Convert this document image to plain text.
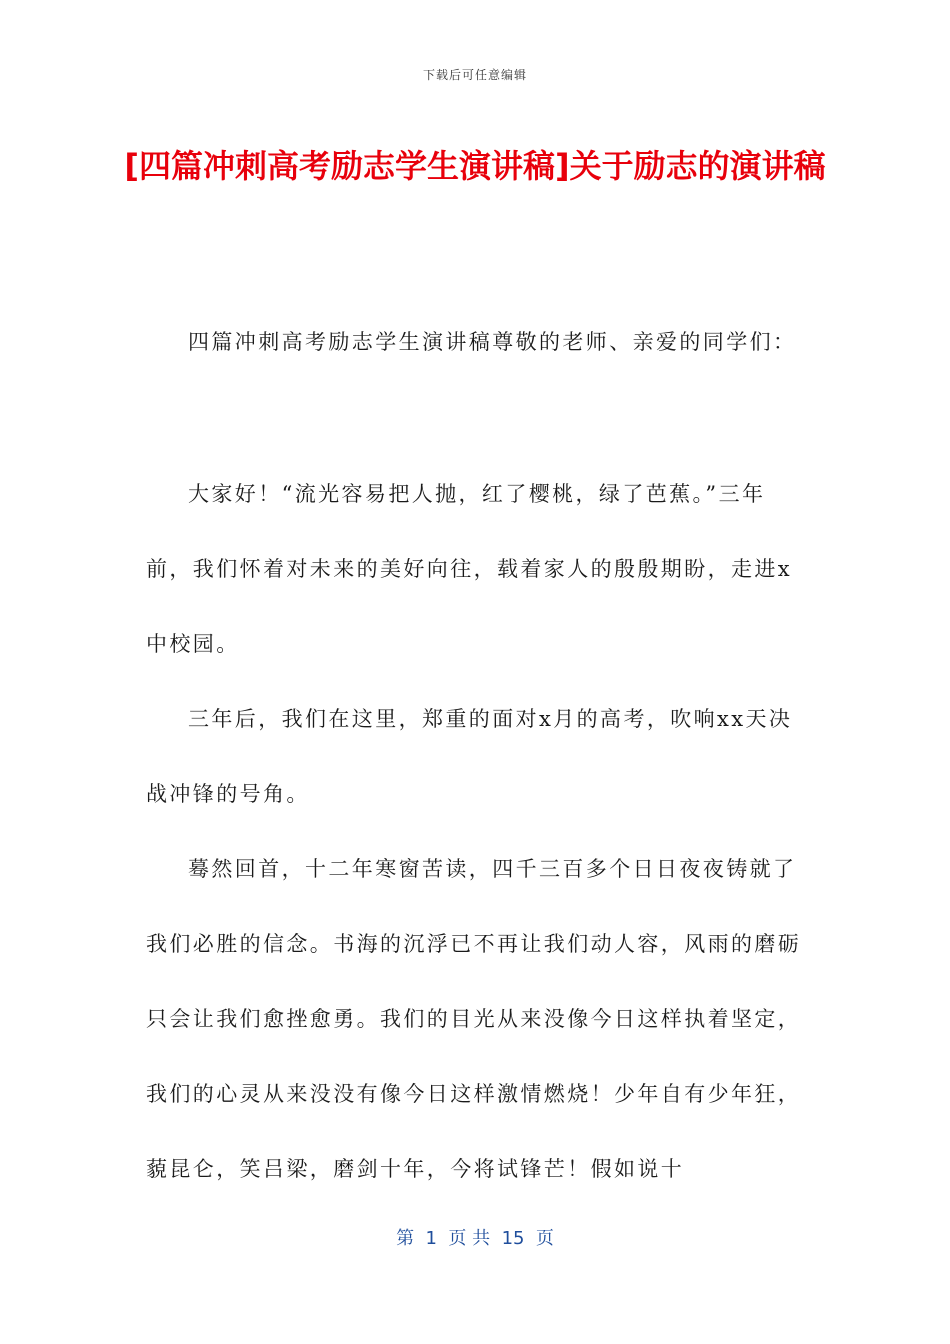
下载后可任意编辑
[四篇冲刺高考励志学生演讲稿]关于励志的演讲稿

四篇冲刺高考励志学生演讲稿尊敬的老师、亲爱的同学们：

大家好！“流光容易把人抛，红了樱桃，绿了芭蕉。”三年前，我们怀着对未来的美好向往，载着家人的殷殷期盼，走进x中校园。

三年后，我们在这里，郑重的面对x月的高考，吹响xx天决战冲锋的号角。

蓦然回首，十二年寒窗苦读，四千三百多个日日夜夜铸就了我们必胜的信念。书海的沉浮已不再让我们动人容，风雨的磨砺只会让我们愈挫愈勇。我们的目光从来没像今日这样执着坚定，我们的心灵从来没没有像今日这样激情燃烧！少年自有少年狂，藐昆仑，笑吕梁，磨剑十年，今将试锋芒！假如说十

第  1  页 共  15  页
